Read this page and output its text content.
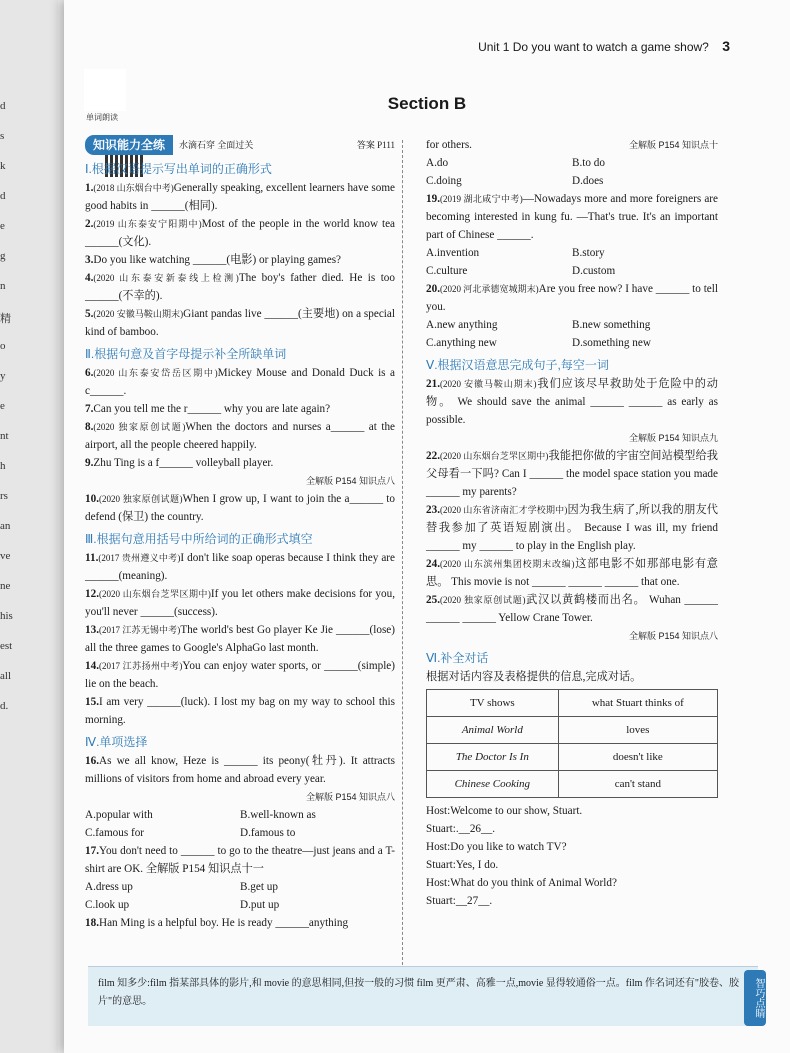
d
s
k
d
e
g
n
精
o
y
e
nt
h
rs
an
ve
ne
his
est
all
d.
Unit 1 Do you want to watch a game show? 3
单词朗读
Section B
知识能力全练	水滴石穿 全面过关	答案 P111
Ⅰ.根据汉语提示写出单词的正确形式
1.(2018 山东烟台中考)Generally speaking, excellent learners have some good habits in ______(相同).
2.(2019 山东泰安宁阳期中)Most of the people in the world know tea ______(文化).
3.Do you like watching ______(电影) or playing games?
4.(2020 山东泰安新泰线上检测)The boy's father died. He is too ______(不幸的).
5.(2020 安徽马鞍山期末)Giant pandas live ______(主要地) on a special kind of bamboo.
Ⅱ.根据句意及首字母提示补全所缺单词
6.(2020 山东泰安岱岳区期中)Mickey Mouse and Donald Duck is a c______.
7.Can you tell me the r______ why you are late again?
8.(2020 独家原创试题)When the doctors and nurses a______ at the airport, all the people cheered happily.
9.Zhu Ting is a f______ volleyball player.
全解版 P154 知识点八
10.(2020 独家原创试题)When I grow up, I want to join the a______ to defend (保卫) the country.
Ⅲ.根据句意用括号中所给词的正确形式填空
11.(2017 贵州遵义中考)I don't like soap operas because I think they are ______(meaning).
12.(2020 山东烟台芝罘区期中)If you let others make decisions for you, you'll never ______(success).
13.(2017 江苏无锡中考)The world's best Go player Ke Jie ______(lose) all the three games to Google's AlphaGo last month.
14.(2017 江苏扬州中考)You can enjoy water sports, or ______(simple) lie on the beach.
15.I am very ______(luck). I lost my bag on my way to school this morning.
Ⅳ.单项选择
16.As we all know, Heze is ______ its peony(牡丹). It attracts millions of visitors from home and abroad every year.
全解版 P154 知识点八
A.popular with	B.well-known as
C.famous for	D.famous to
17.You don't need to ______ to go to the theatre—just jeans and a T-shirt are OK. 全解版 P154 知识点十一
A.dress up	B.get up
C.look up	D.put up
18.Han Ming is a helpful boy. He is ready ______anything
for others.	全解版 P154 知识点十
A.do	B.to do
C.doing	D.does
19.(2019 湖北咸宁中考)—Nowadays more and more foreigners are becoming interested in kung fu. —That's true. It's an important part of Chinese ______.
A.invention	B.story
C.culture	D.custom
20.(2020 河北承德宽城期末)Are you free now? I have ______ to tell you.
A.new anything	B.new something
C.anything new	D.something new
Ⅴ.根据汉语意思完成句子,每空一词
21.(2020 安徽马鞍山期末)我们应该尽早救助处于危险中的动物。 We should save the animal ______ ______ as early as possible.
全解版 P154 知识点九
22.(2020 山东烟台芝罘区期中)我能把你做的宇宙空间站模型给我父母看一下吗? Can I ______ the model space station you made ______ my parents?
23.(2020 山东省济南汇才学校期中)因为我生病了,所以我的朋友代替我参加了英语短剧演出。 Because I was ill, my friend ______ my ______ to play in the English play.
24.(2020 山东滨州集团校期末改编)这部电影不如那部电影有意思。 This movie is not ______ ______ ______ that one.
25.(2020 独家原创试题)武汉以黄鹤楼而出名。 Wuhan ______ ______ ______ Yellow Crane Tower.
全解版 P154 知识点八
Ⅵ.补全对话
根据对话内容及表格提供的信息,完成对话。
TV shows	what Stuart thinks of
Animal World	loves
The Doctor Is In	doesn't like
Chinese Cooking	can't stand
Host:Welcome to our show, Stuart.
Stuart:.__26__.
Host:Do you like to watch TV?
Stuart:Yes, I do.
Host:What do you think of Animal World?
Stuart:__27__.
film 知多少:film 指某部具体的影片,和 movie 的意思相同,但按一般的习惯 film 更严肃、高雅一点,movie 显得较通俗一点。film 作名词还有"胶卷、胶片"的意思。	智巧点睛
